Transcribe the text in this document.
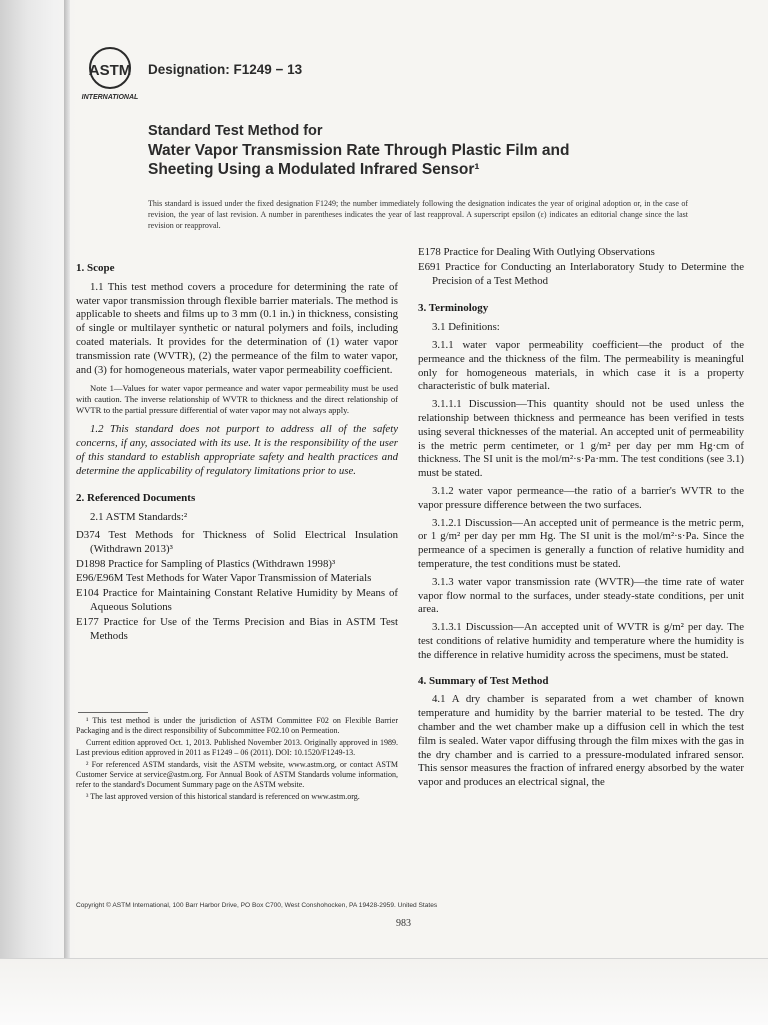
ASTM
INTERNATIONAL
Designation: F1249 − 13
Standard Test Method for
Water Vapor Transmission Rate Through Plastic Film and
Sheeting Using a Modulated Infrared Sensor¹
This standard is issued under the fixed designation F1249; the number immediately following the designation indicates the year of original adoption or, in the case of revision, the year of last revision. A number in parentheses indicates the year of last reapproval. A superscript epsilon (ε) indicates an editorial change since the last revision or reapproval.
1. Scope

1.1 This test method covers a procedure for determining the rate of water vapor transmission through flexible barrier materials. The method is applicable to sheets and films up to 3 mm (0.1 in.) in thickness, consisting of single or multilayer synthetic or natural polymers and foils, including coated materials. It provides for the determination of (1) water vapor transmission rate (WVTR), (2) the permeance of the film to water vapor, and (3) for homogeneous materials, water vapor permeability coefficient.

Note 1—Values for water vapor permeance and water vapor permeability must be used with caution. The inverse relationship of WVTR to thickness and the direct relationship of WVTR to the partial pressure differential of water vapor may not always apply.

1.2 This standard does not purport to address all of the safety concerns, if any, associated with its use. It is the responsibility of the user of this standard to establish appropriate safety and health practices and determine the applicability of regulatory limitations prior to use.

2. Referenced Documents

2.1 ASTM Standards:²

D374 Test Methods for Thickness of Solid Electrical Insulation (Withdrawn 2013)³
D1898 Practice for Sampling of Plastics (Withdrawn 1998)³
E96/E96M Test Methods for Water Vapor Transmission of Materials
E104 Practice for Maintaining Constant Relative Humidity by Means of Aqueous Solutions
E177 Practice for Use of the Terms Precision and Bias in ASTM Test Methods

¹ This test method is under the jurisdiction of ASTM Committee F02 on Flexible Barrier Packaging and is the direct responsibility of Subcommittee F02.10 on Permeation.

Current edition approved Oct. 1, 2013. Published November 2013. Originally approved in 1989. Last previous edition approved in 2011 as F1249 – 06 (2011). DOI: 10.1520/F1249-13.

² For referenced ASTM standards, visit the ASTM website, www.astm.org, or contact ASTM Customer Service at service@astm.org. For Annual Book of ASTM Standards volume information, refer to the standard's Document Summary page on the ASTM website.

³ The last approved version of this historical standard is referenced on www.astm.org.

E178 Practice for Dealing With Outlying Observations
E691 Practice for Conducting an Interlaboratory Study to Determine the Precision of a Test Method
3. Terminology

3.1 Definitions:

3.1.1 water vapor permeability coefficient—the product of the permeance and the thickness of the film. The permeability is meaningful only for homogeneous materials, in which case it is a property characteristic of bulk material.

3.1.1.1 Discussion—This quantity should not be used unless the relationship between thickness and permeance has been verified in tests using several thicknesses of the material. An accepted unit of permeability is the metric perm centimeter, or 1 g/m² per day per mm Hg·cm of thickness. The SI unit is the mol/m²·s·Pa·mm. The test conditions (see 3.1) must be stated.

3.1.2 water vapor permeance—the ratio of a barrier's WVTR to the vapor pressure difference between the two surfaces.

3.1.2.1 Discussion—An accepted unit of permeance is the metric perm, or 1 g/m² per day per mm Hg. The SI unit is the mol/m²·s·Pa. Since the permeance of a specimen is generally a function of relative humidity and temperature, the test conditions must be stated.

3.1.3 water vapor transmission rate (WVTR)—the time rate of water vapor flow normal to the surfaces, under steady-state conditions, per unit area.

3.1.3.1 Discussion—An accepted unit of WVTR is g/m² per day. The test conditions of relative humidity and temperature where the humidity is the difference in relative humidity across the specimens, must be stated.

4. Summary of Test Method

4.1 A dry chamber is separated from a wet chamber of known temperature and humidity by the barrier material to be tested. The dry chamber and the wet chamber make up a diffusion cell in which the test film is sealed. Water vapor diffusing through the film mixes with the gas in the dry chamber and is carried to a pressure-modulated infrared sensor. This sensor measures the fraction of infrared energy absorbed by the water vapor and produces an electrical signal, the

Copyright © ASTM International, 100 Barr Harbor Drive, PO Box C700, West Conshohocken, PA 19428-2959. United States
983
